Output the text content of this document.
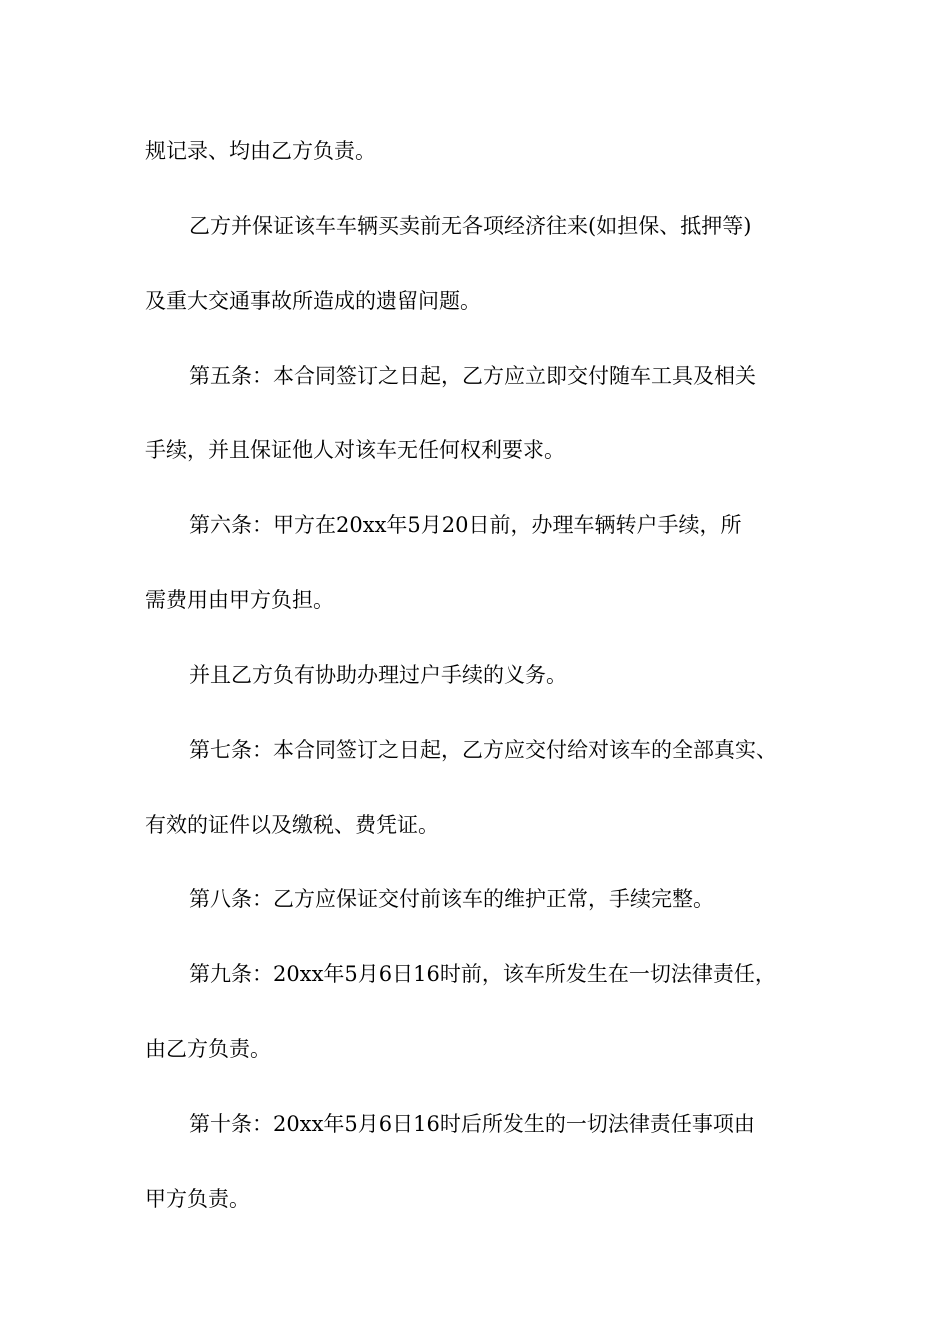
规记录、均由乙方负责。

乙方并保证该车车辆买卖前无各项经济往来(如担保、抵押等)

及重大交通事故所造成的遗留问题。

第五条：本合同签订之日起，乙方应立即交付随车工具及相关

手续，并且保证他人对该车无任何权利要求。

第六条：甲方在20xx年5月20日前，办理车辆转户手续，所

需费用由甲方负担。

并且乙方负有协助办理过户手续的义务。

第七条：本合同签订之日起，乙方应交付给对该车的全部真实、

有效的证件以及缴税、费凭证。

第八条：乙方应保证交付前该车的维护正常，手续完整。

第九条：20xx年5月6日16时前，该车所发生在一切法律责任，

由乙方负责。

第十条：20xx年5月6日16时后所发生的一切法律责任事项由

甲方负责。
